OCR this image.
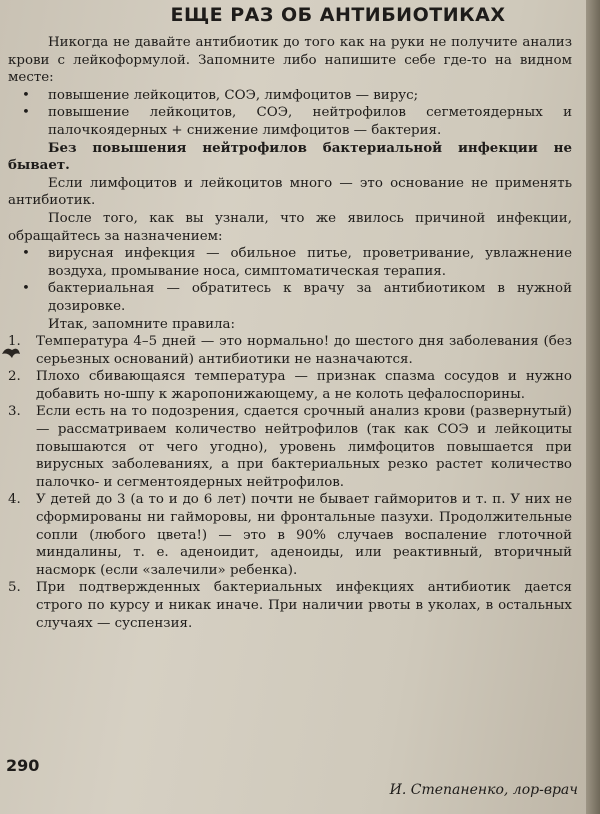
ЕЩЕ РАЗ ОБ АНТИБИОТИКАХ

Никогда не давайте антибиотик до того как на руки не получите анализ крови с лейкоформулой. Запомните либо напишите себе где-то на видном месте:

• повышение лейкоцитов, СОЭ, лимфоцитов — вирус;
• повышение лейкоцитов, СОЭ, нейтрофилов сегметоядерных и палочкоядерных + снижение лимфоцитов — бактерия.

Без повышения нейтрофилов бактериальной инфекции не бывает.

Если лимфоцитов и лейкоцитов много — это основание не применять антибиотик.

После того, как вы узнали, что же явилось причиной инфекции, обращайтесь за назначением:

• вирусная инфекция — обильное питье, проветривание, увлажнение воздуха, промывание носа, симптоматическая терапия.
• бактериальная — обратитесь к врачу за антибиотиком в нужной дозировке.

Итак, запомните правила:

1.	Температура 4–5 дней — это нормально! до шестого дня заболевания (без серьезных оснований) антибиотики не назначаются.
2.	Плохо сбивающаяся температура — признак спазма сосудов и нужно добавить но-шпу к жаропонижающему, а не колоть цефалоспорины.
3.	Если есть на то подозрения, сдается срочный анализ крови (развернутый) — рассматриваем количество нейтрофилов (так как СОЭ и лейкоциты повышаются от чего угодно), уровень лимфоцитов повышается при вирусных заболеваниях, а при бактериальных резко растет количество палочко- и сегментоядерных нейтрофилов.
4.	У детей до 3 (а то и до 6 лет) почти не бывает гайморитов и т. п. У них не сформированы ни гайморовы, ни фронтальные пазухи. Продолжительные сопли (любого цвета!) — это в 90% случаев воспаление глоточной миндалины, т. е. аденоидит, аденоиды, или реактивный, вторичный насморк (если «залечили» ребенка).
5.	При подтвержденных бактериальных инфекциях антибиотик дается строго по курсу и никак иначе. При наличии рвоты в уколах, в остальных случаях — суспензия.
290
И. Степаненко, лор-врач
